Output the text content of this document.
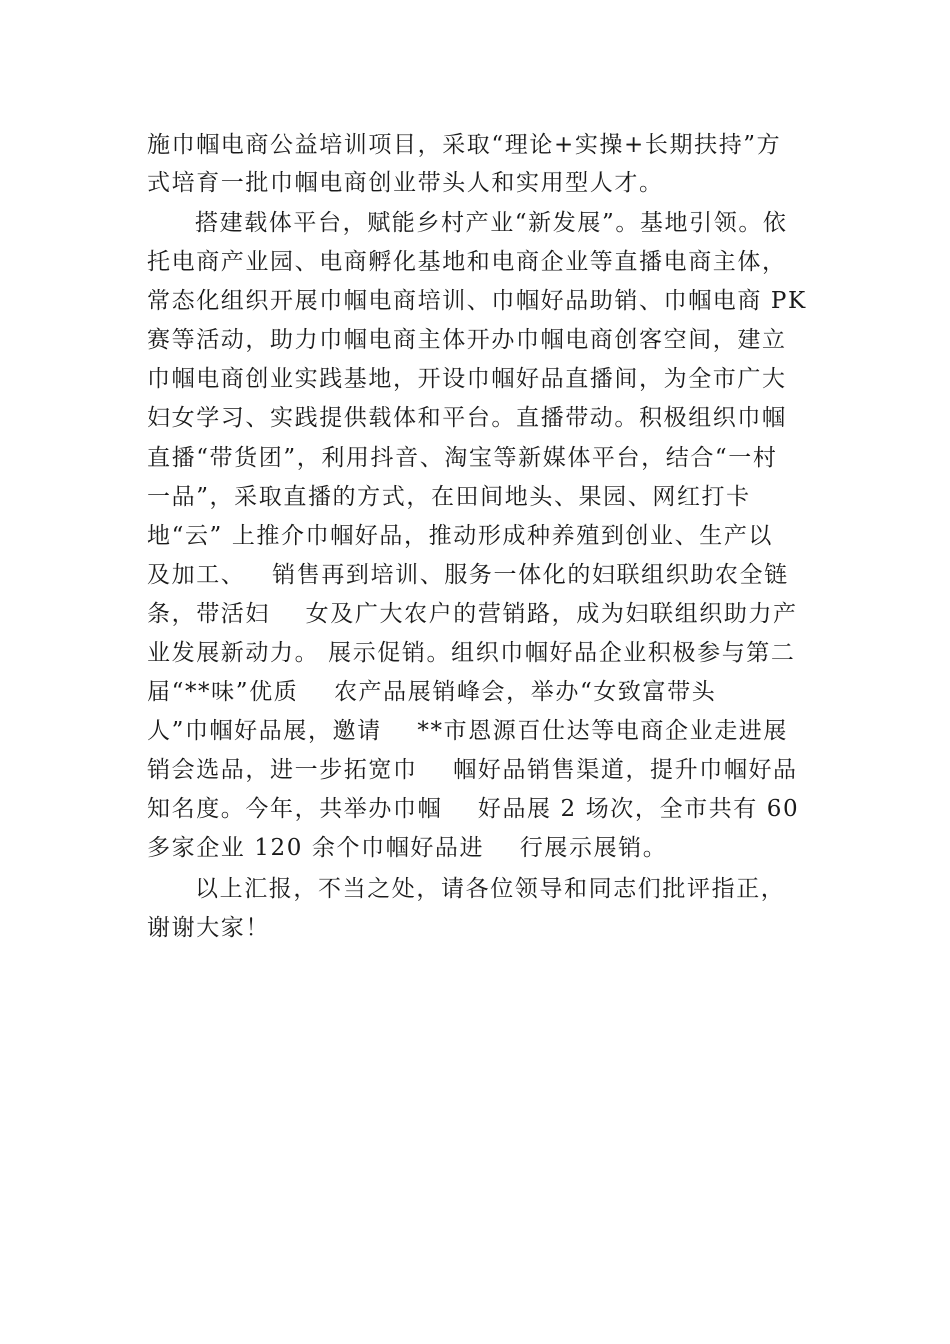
施巾帼电商公益培训项目，采取“理论+实操+长期扶持”方
式培育一批巾帼电商创业带头人和实用型人才。
搭建载体平台，赋能乡村产业“新发展”。基地引领。依
托电商产业园、电商孵化基地和电商企业等直播电商主体，
常态化组织开展巾帼电商培训、巾帼好品助销、巾帼电商 PK
赛等活动，助力巾帼电商主体开办巾帼电商创客空间，建立
巾帼电商创业实践基地，开设巾帼好品直播间，为全市广大
妇女学习、实践提供载体和平台。直播带动。积极组织巾帼
直播“带货团”，利用抖音、淘宝等新媒体平台，结合“一村
一品”，采取直播的方式，在田间地头、果园、网红打卡
地“云” 上推介巾帼好品，推动形成种养殖到创业、生产以
及加工、   销售再到培训、服务一体化的妇联组织助农全链
条，带活妇    女及广大农户的营销路，成为妇联组织助力产
业发展新动力。 展示促销。组织巾帼好品企业积极参与第二
届“**味”优质    农产品展销峰会，举办“女致富带头
人”巾帼好品展，邀请    **市恩源百仕达等电商企业走进展
销会选品，进一步拓宽巾    帼好品销售渠道，提升巾帼好品
知名度。今年，共举办巾帼    好品展 2 场次，全市共有 60
多家企业 120 余个巾帼好品进    行展示展销。
以上汇报，不当之处，请各位领导和同志们批评指正，
谢谢大家！
